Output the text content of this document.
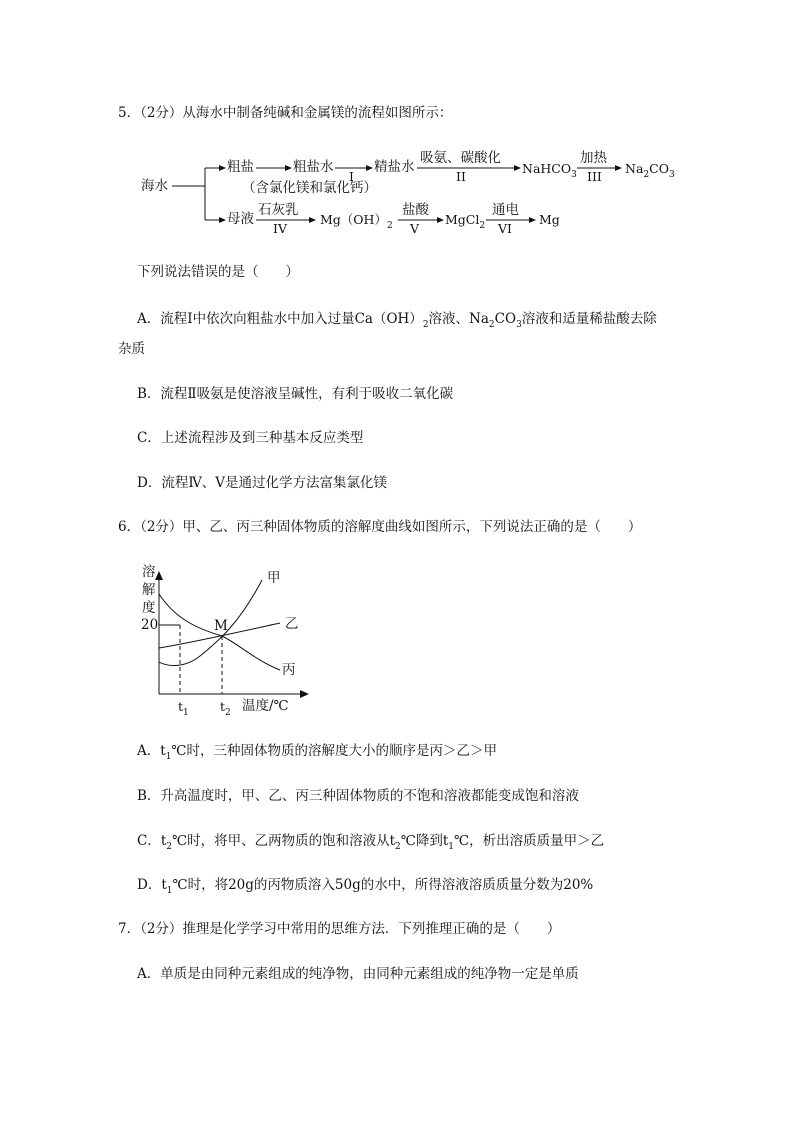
5．（2分）从海水中制备纯碱和金属镁的流程如图所示：
海水
粗盐	粗盐水
I
精盐水
（含氯化镁和氯化钙）
吸氨、碳酸化
II
NaHCO$_3$
加热
III
$Na_2CO_3$
母液
石灰乳
IV
$Mg(OH)_2$
盐酸
V
MgCl$_2$
通电
VI
Mg
下列说法错误的是（　　）
A．流程Ⅰ中依次向粗盐水中加入过量$Ca(OH)_2$溶液、$Na_2CO_3$溶液和适量稀盐酸去除
杂质
B．流程Ⅱ吸氨是使溶液呈碱性，有利于吸收二氧化碳
C．上述流程涉及到三种基本反应类型
D．流程Ⅳ、V是通过化学方法富集氯化镁
6．（2分）甲、乙、丙三种固体物质的溶解度曲线如图所示，下列说法正确的是（　　）
溶
解
度
20	M
甲
乙
丙
$t_1$ $t_2$ 温度/℃
A．$t_1℃$时，三种固体物质的溶解度大小的顺序是丙＞乙＞甲
B．升高温度时，甲、乙、丙三种固体物质的不饱和溶液都能变成饱和溶液
C．$t_2℃$时，将甲、乙两物质的饱和溶液从$t_2℃$降到$t_1℃$，析出溶质质量甲＞乙
D．$t_1℃$时，将20g的丙物质溶入50g的水中，所得溶液溶质质量分数为20%
7．（2分）推理是化学学习中常用的思维方法．下列推理正确的是（　　）
A．单质是由同种元素组成的纯净物，由同种元素组成的纯净物一定是单质
